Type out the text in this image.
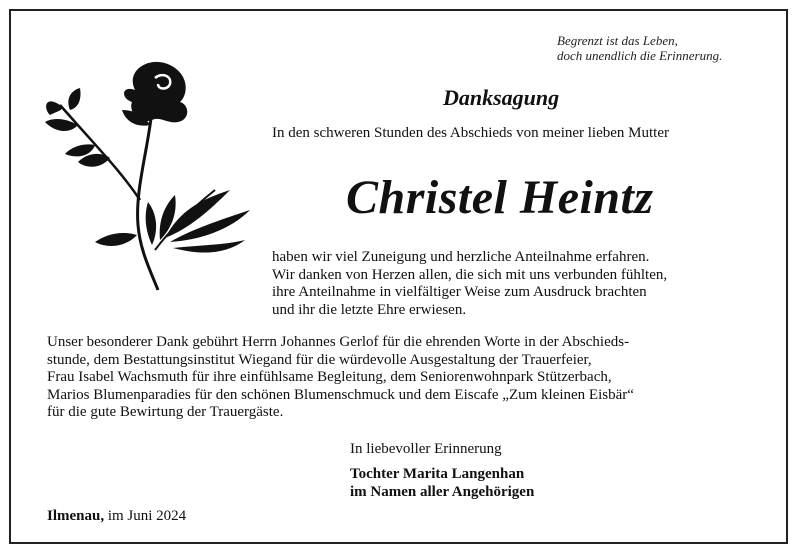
Begrenzt ist das Leben,
doch unendlich die Erinnerung.
Danksagung
In den schweren Stunden des Abschieds von meiner lieben Mutter
Christel Heintz
haben wir viel Zuneigung und herzliche Anteilnahme erfahren.
Wir danken von Herzen allen, die sich mit uns verbunden fühlten,
ihre Anteilnahme in vielfältiger Weise zum Ausdruck brachten
und ihr die letzte Ehre erwiesen.
Unser besonderer Dank gebührt Herrn Johannes Gerlof für die ehrenden Worte in der Abschieds-
stunde, dem Bestattungsinstitut Wiegand für die würdevolle Ausgestaltung der Trauerfeier,
Frau Isabel Wachsmuth für ihre einfühlsame Begleitung, dem Seniorenwohnpark Stützerbach,
Marios Blumenparadies für den schönen Blumenschmuck und dem Eiscafe „Zum kleinen Eisbär“
für die gute Bewirtung der Trauergäste.
In liebevoller Erinnerung
Tochter Marita Langenhan
im Namen aller Angehörigen
Ilmenau, im Juni 2024
